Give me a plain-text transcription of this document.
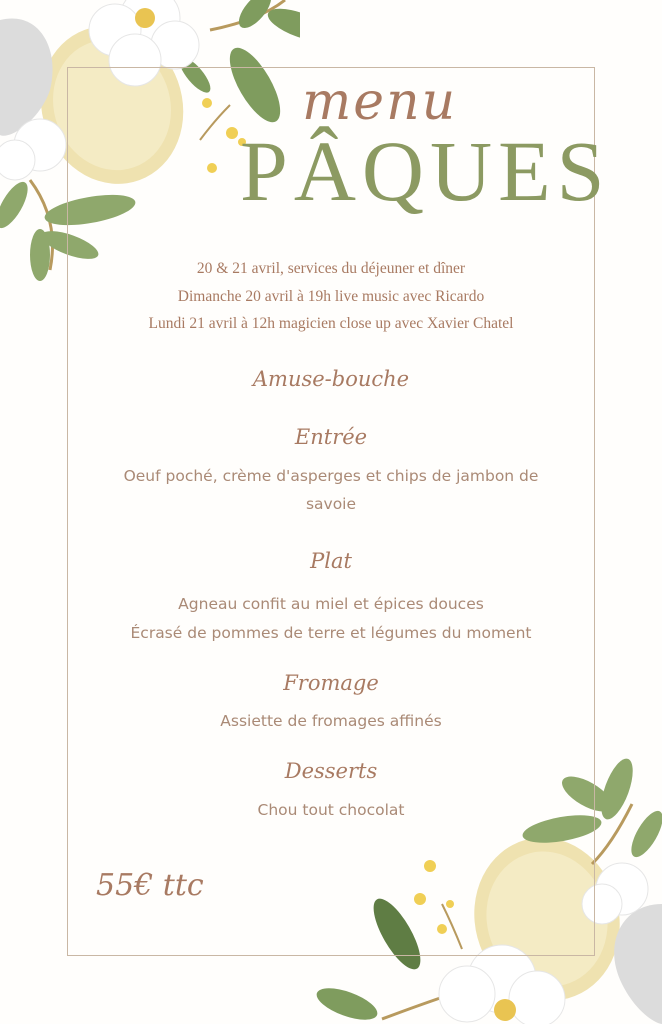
menu
PÂQUES
20 & 21 avril, services du déjeuner et dîner
Dimanche 20 avril à 19h live music avec Ricardo
Lundi 21 avril à 12h magicien close up avec Xavier Chatel
Amuse-bouche
Entrée
Oeuf poché, crème d'asperges et chips de jambon de
savoie
Plat
Agneau confit au miel et épices douces
Écrasé de pommes de terre et légumes du moment
Fromage
Assiette de fromages affinés
Desserts
Chou tout chocolat
55€ ttc
